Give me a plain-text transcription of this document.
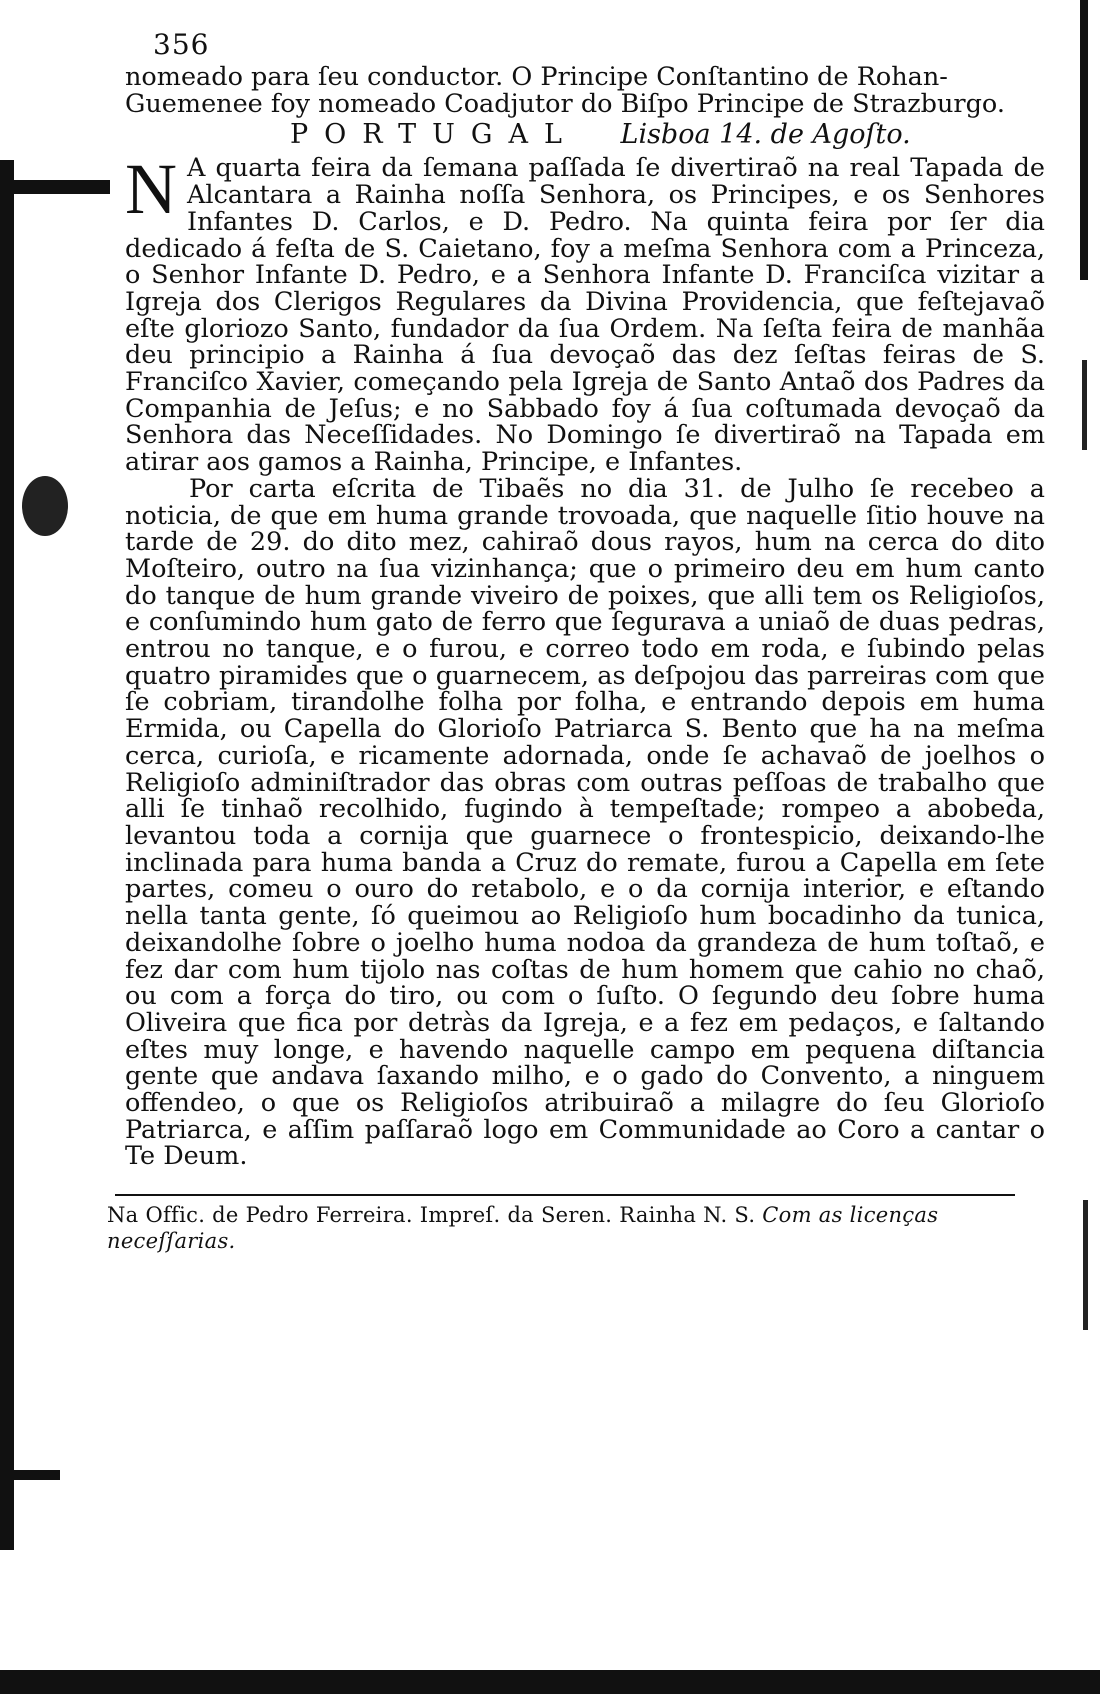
356

nomeado para ſeu conductor. O Principe Conſtantino de Rohan-

Guemenee foy nomeado Coadjutor do Biſpo Principe de Strazburgo.

PORTUGAL Lisboa 14. de Agoſto.

N A quarta feira da ſemana paſſada ſe divertiraõ na real Tapada de Alcantara a Rainha noſſa Senhora, os Principes, e os Senhores Infantes D. Carlos, e D. Pedro. Na quinta feira por ſer dia dedicado á feſta de S. Caietano, foy a meſma Senhora com a Princeza, o Senhor Infante D. Pedro, e a Senhora Infante D. Franciſca vizitar a Igreja dos Clerigos Regulares da Divina Providencia, que feſtejavaõ eſte gloriozo Santo, fundador da ſua Ordem. Na ſeſta feira de manhãa deu principio a Rainha á ſua devoçaõ das dez ſeſtas feiras de S. Franciſco Xavier, começando pela Igreja de Santo Antaõ dos Padres da Companhia de Jeſus; e no Sabbado foy á ſua coſtumada devoçaõ da Senhora das Neceſſidades. No Domingo ſe divertiraõ na Tapada em atirar aos gamos a Rainha, Principe, e Infantes.

Por carta eſcrita de Tibaẽs no dia 31. de Julho ſe recebeo a noticia, de que em huma grande trovoada, que naquelle ſitio houve na tarde de 29. do dito mez, cahiraõ dous rayos, hum na cerca do dito Moſteiro, outro na ſua vizinhança; que o primeiro deu em hum canto do tanque de hum grande viveiro de poixes, que alli tem os Religioſos, e conſumindo hum gato de ferro que ſegurava a uniaõ de duas pedras, entrou no tanque, e o furou, e correo todo em roda, e ſubindo pelas quatro piramides que o guarnecem, as deſpojou das parreiras com que ſe cobriam, tirandolhe folha por folha, e entrando depois em huma Ermida, ou Capella do Glorioſo Patriarca S. Bento que ha na meſma cerca, curioſa, e ricamente adornada, onde ſe achavaõ de joelhos o Religioſo adminiſtrador das obras com outras peſſoas de trabalho que alli ſe tinhaõ recolhido, fugindo à tempeſtade; rompeo a abobeda, levantou toda a cornija que guarnece o frontespicio, deixando-lhe inclinada para huma banda a Cruz do remate, furou a Capella em ſete partes, comeu o ouro do retabolo, e o da cornija interior, e eſtando nella tanta gente, ſó queimou ao Religioſo hum bocadinho da tunica, deixandolhe ſobre o joelho huma nodoa da grandeza de hum toſtaõ, e fez dar com hum tijolo nas coſtas de hum homem que cahio no chaõ, ou com a força do tiro, ou com o ſuſto. O ſegundo deu ſobre huma Oliveira que fica por detràs da Igreja, e a fez em pedaços, e ſaltando eſtes muy longe, e havendo naquelle campo em pequena diſtancia gente que andava ſaxando milho, e o gado do Convento, a ninguem offendeo, o que os Religioſos atribuiraõ a milagre do ſeu Glorioſo Patriarca, e aſſim paſſaraõ logo em Communidade ao Coro a cantar o Te Deum.

Na Offic. de Pedro Ferreira. Impreſ. da Seren. Rainha N. S. Com as licenças neceſſarias.
